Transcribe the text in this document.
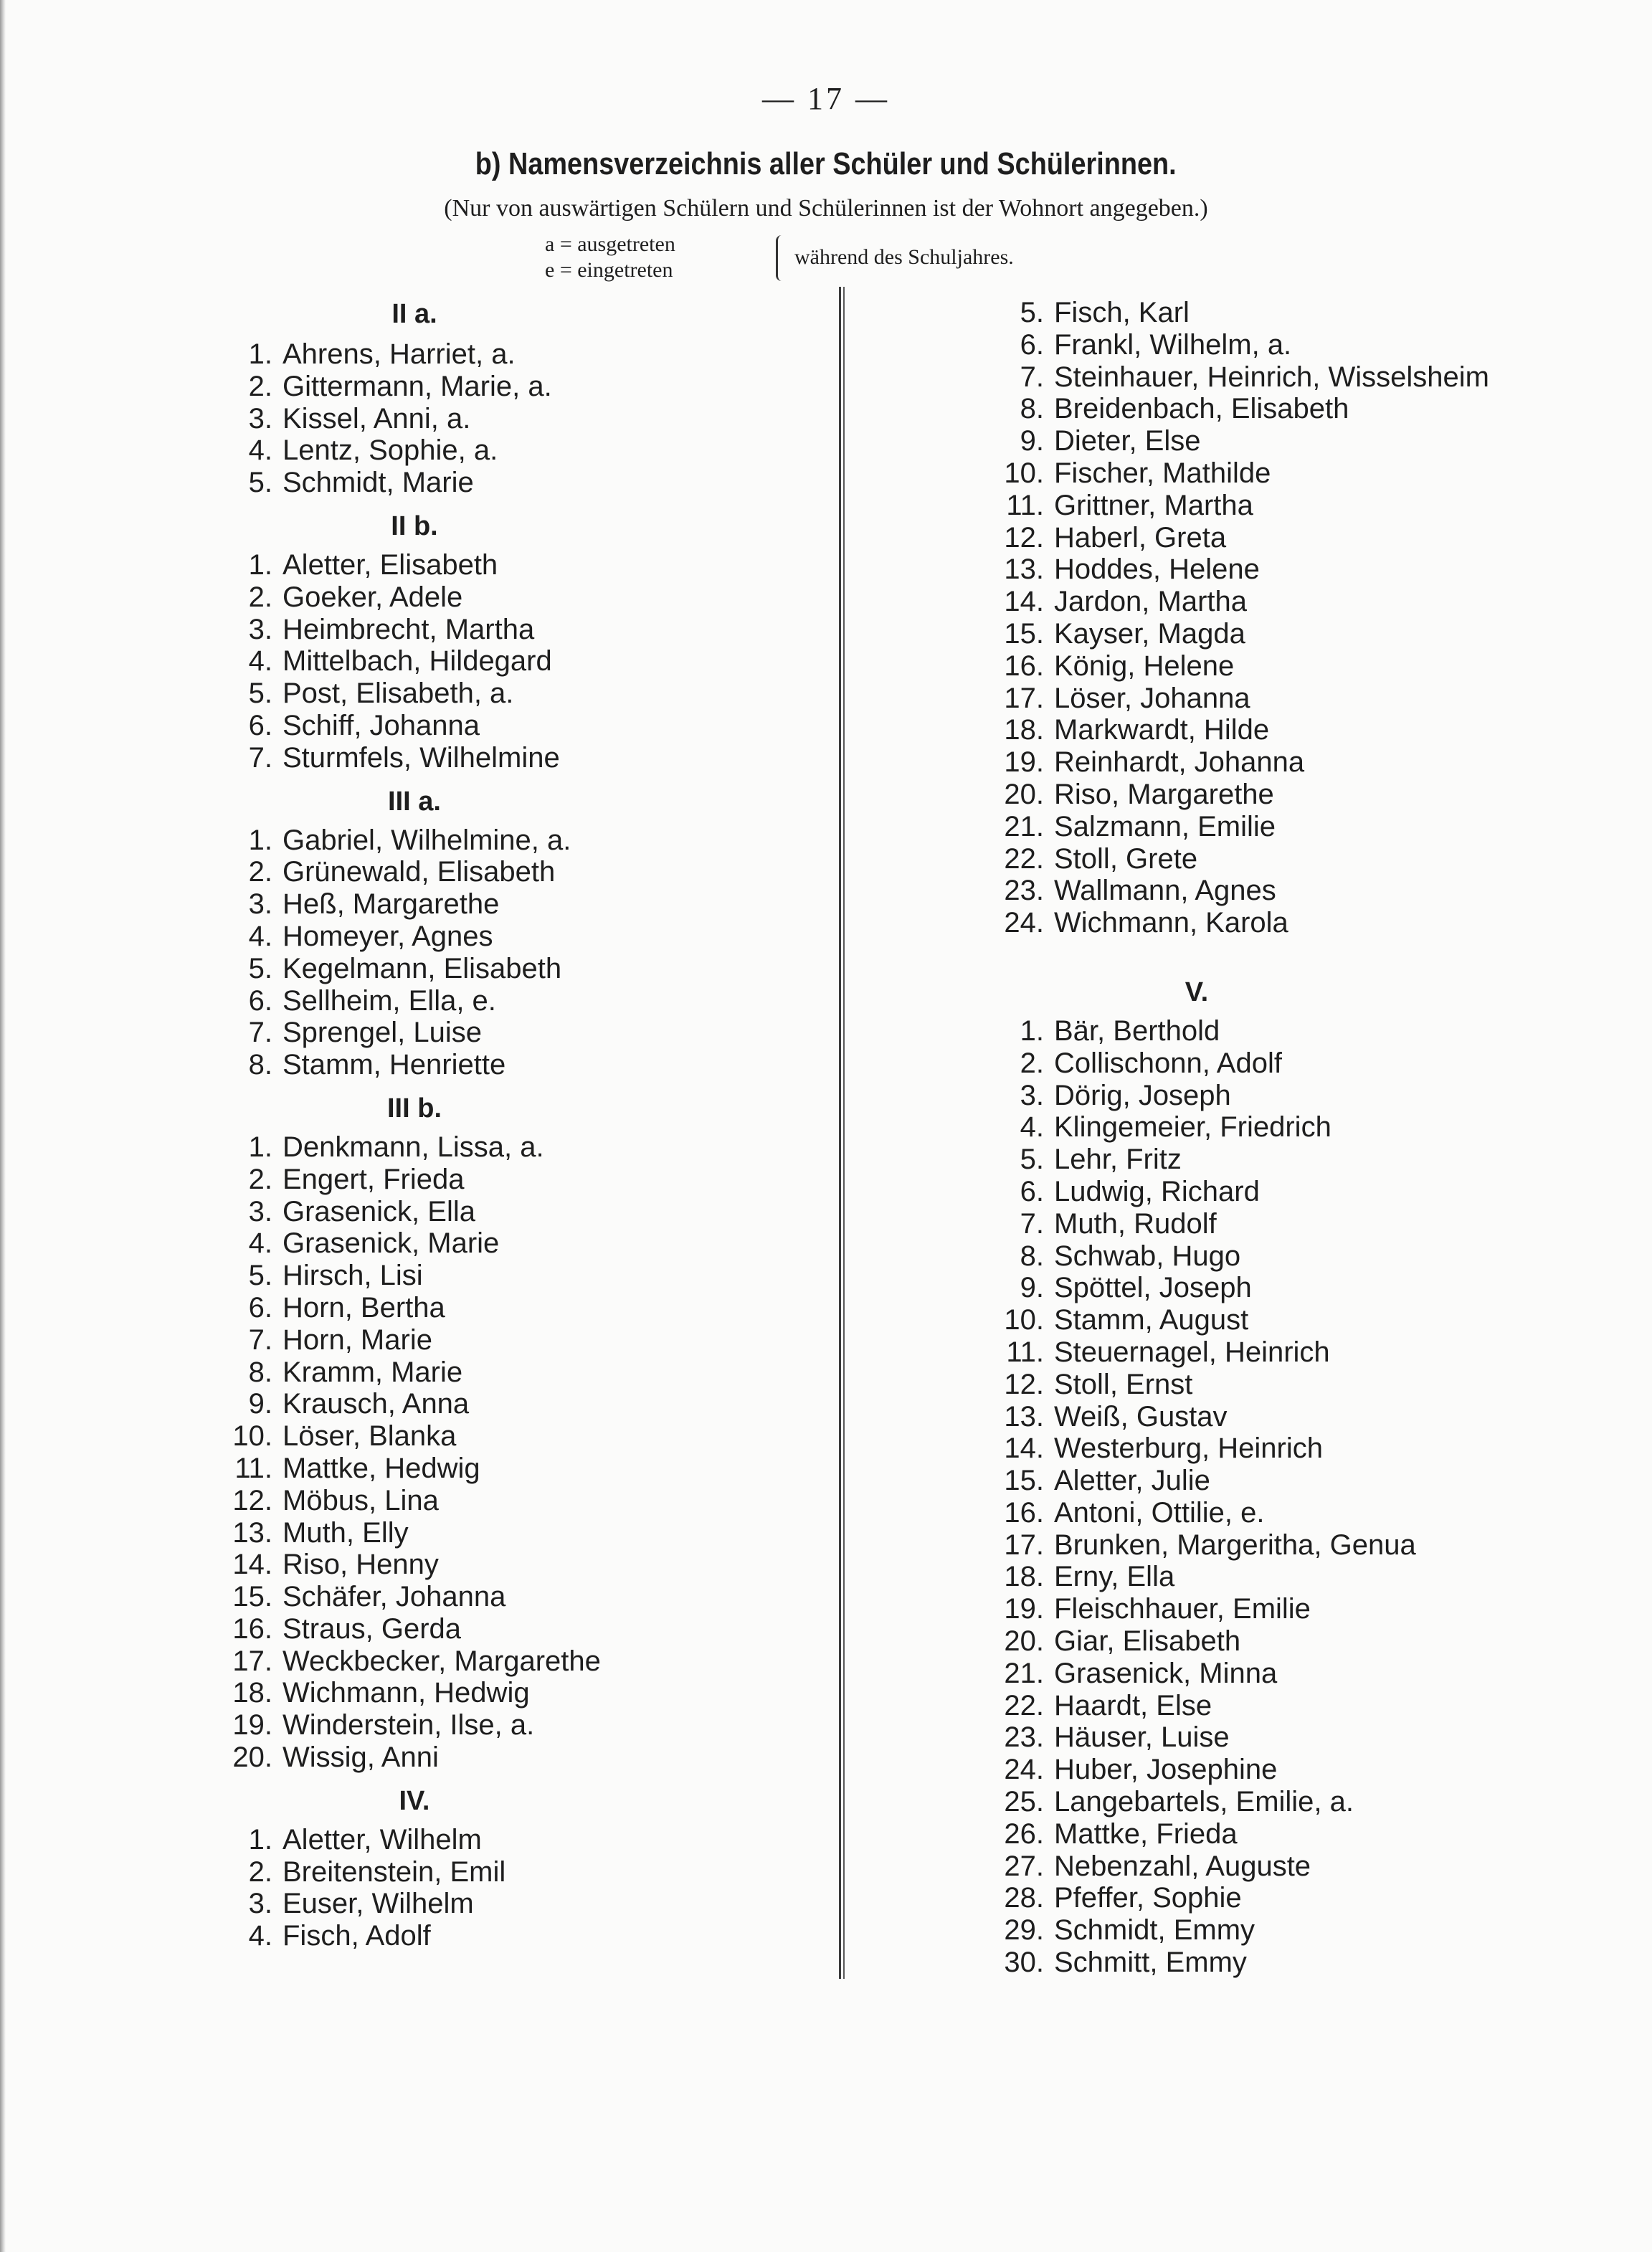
— 17 —
b) Namensverzeichnis aller Schüler und Schülerinnen.
(Nur von auswärtigen Schülern und Schülerinnen ist der Wohnort angegeben.)
a = ausgetreten
e = eingetreten
während des Schuljahres.
II a.
1. Ahrens, Harriet, a.
2. Gittermann, Marie, a.
3. Kissel, Anni, a.
4. Lentz, Sophie, a.
5. Schmidt, Marie
II b.
1. Aletter, Elisabeth
2. Goeker, Adele
3. Heimbrecht, Martha
4. Mittelbach, Hildegard
5. Post, Elisabeth, a.
6. Schiff, Johanna
7. Sturmfels, Wilhelmine
III a.
1. Gabriel, Wilhelmine, a.
2. Grünewald, Elisabeth
3. Heß, Margarethe
4. Homeyer, Agnes
5. Kegelmann, Elisabeth
6. Sellheim, Ella, e.
7. Sprengel, Luise
8. Stamm, Henriette
III b.
1. Denkmann, Lissa, a.
2. Engert, Frieda
3. Grasenick, Ella
4. Grasenick, Marie
5. Hirsch, Lisi
6. Horn, Bertha
7. Horn, Marie
8. Kramm, Marie
9. Krausch, Anna
10. Löser, Blanka
11. Mattke, Hedwig
12. Möbus, Lina
13. Muth, Elly
14. Riso, Henny
15. Schäfer, Johanna
16. Straus, Gerda
17. Weckbecker, Margarethe
18. Wichmann, Hedwig
19. Winderstein, Ilse, a.
20. Wissig, Anni
IV.
1. Aletter, Wilhelm
2. Breitenstein, Emil
3. Euser, Wilhelm
4. Fisch, Adolf
5. Fisch, Karl
6. Frankl, Wilhelm, a.
7. Steinhauer, Heinrich, Wisselsheim
8. Breidenbach, Elisabeth
9. Dieter, Else
10. Fischer, Mathilde
11. Grittner, Martha
12. Haberl, Greta
13. Hoddes, Helene
14. Jardon, Martha
15. Kayser, Magda
16. König, Helene
17. Löser, Johanna
18. Markwardt, Hilde
19. Reinhardt, Johanna
20. Riso, Margarethe
21. Salzmann, Emilie
22. Stoll, Grete
23. Wallmann, Agnes
24. Wichmann, Karola
V.
1. Bär, Berthold
2. Collischonn, Adolf
3. Dörig, Joseph
4. Klingemeier, Friedrich
5. Lehr, Fritz
6. Ludwig, Richard
7. Muth, Rudolf
8. Schwab, Hugo
9. Spöttel, Joseph
10. Stamm, August
11. Steuernagel, Heinrich
12. Stoll, Ernst
13. Weiß, Gustav
14. Westerburg, Heinrich
15. Aletter, Julie
16. Antoni, Ottilie, e.
17. Brunken, Margeritha, Genua
18. Erny, Ella
19. Fleischhauer, Emilie
20. Giar, Elisabeth
21. Grasenick, Minna
22. Haardt, Else
23. Häuser, Luise
24. Huber, Josephine
25. Langebartels, Emilie, a.
26. Mattke, Frieda
27. Nebenzahl, Auguste
28. Pfeffer, Sophie
29. Schmidt, Emmy
30. Schmitt, Emmy
